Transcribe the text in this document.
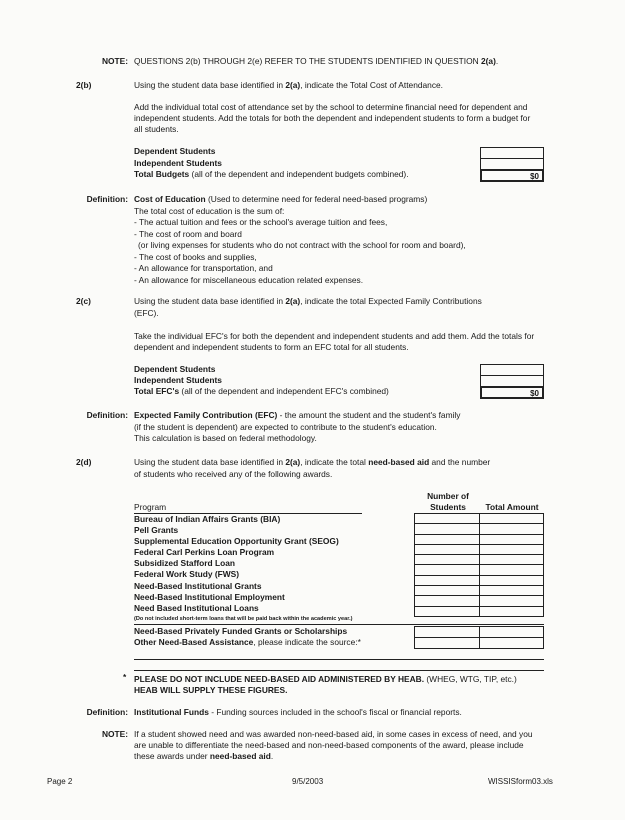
NOTE: QUESTIONS 2(b) THROUGH 2(e) REFER TO THE STUDENTS IDENTIFIED IN QUESTION 2(a).
2(b)	Using the student data base identified in 2(a), indicate the Total Cost of Attendance.
Add the individual total cost of attendance set by the school to determine financial need for dependent and independent students. Add the totals for both the dependent and independent students to form a budget for all students.
Dependent Students
Independent Students
Total Budgets (all of the dependent and independent budgets combined).	$0
Definition: Cost of Education (Used to determine need for federal need-based programs)
The total cost of education is the sum of:
- The actual tuition and fees or the school's average tuition and fees,
- The cost of room and board
(or living expenses for students who do not contract with the school for room and board),
- The cost of books and supplies,
- An allowance for transportation, and
- An allowance for miscellaneous education related expenses.
2(c)	Using the student data base identified in 2(a), indicate the total Expected Family Contributions
(EFC).
Take the individual EFC's for both the dependent and independent students and add them. Add the totals for dependent and independent students to form an EFC total for all students.
Dependent Students
Independent Students
Total EFC's (all of the dependent and independent EFC's combined)	$0
Definition: Expected Family Contribution (EFC) - the amount the student and the student's family
(if the student is dependent) are expected to contribute to the student's education.
This calculation is based on federal methodology.
2(d)	Using the student data base identified in 2(a), indicate the total need-based aid and the number
of students who received any of the following awards.
Number of
Students	Total Amount
Program
Bureau of Indian Affairs Grants (BIA)
Pell Grants
Supplemental Education Opportunity Grant (SEOG)
Federal Carl Perkins Loan Program
Subsidized Stafford Loan
Federal Work Study (FWS)
Need-Based Institutional Grants
Need-Based Institutional Employment
Need Based Institutional Loans
(Do not included short-term loans that will be paid back within the academic year.)
Need-Based Privately Funded Grants or Scholarships
Other Need-Based Assistance, please indicate the source:*

* PLEASE DO NOT INCLUDE NEED-BASED AID ADMINISTERED BY HEAB. (WHEG, WTG, TIP, etc.)
HEAB WILL SUPPLY THESE FIGURES.
Definition: Institutional Funds - Funding sources included in the school's fiscal or financial reports.
NOTE: If a student showed need and was awarded non-need-based aid, in some cases in excess of need, and you are unable to differentiate the need-based and non-need-based components of the award, please include these awards under need-based aid.
Page 2	9/5/2003	WISSISform03.xls
